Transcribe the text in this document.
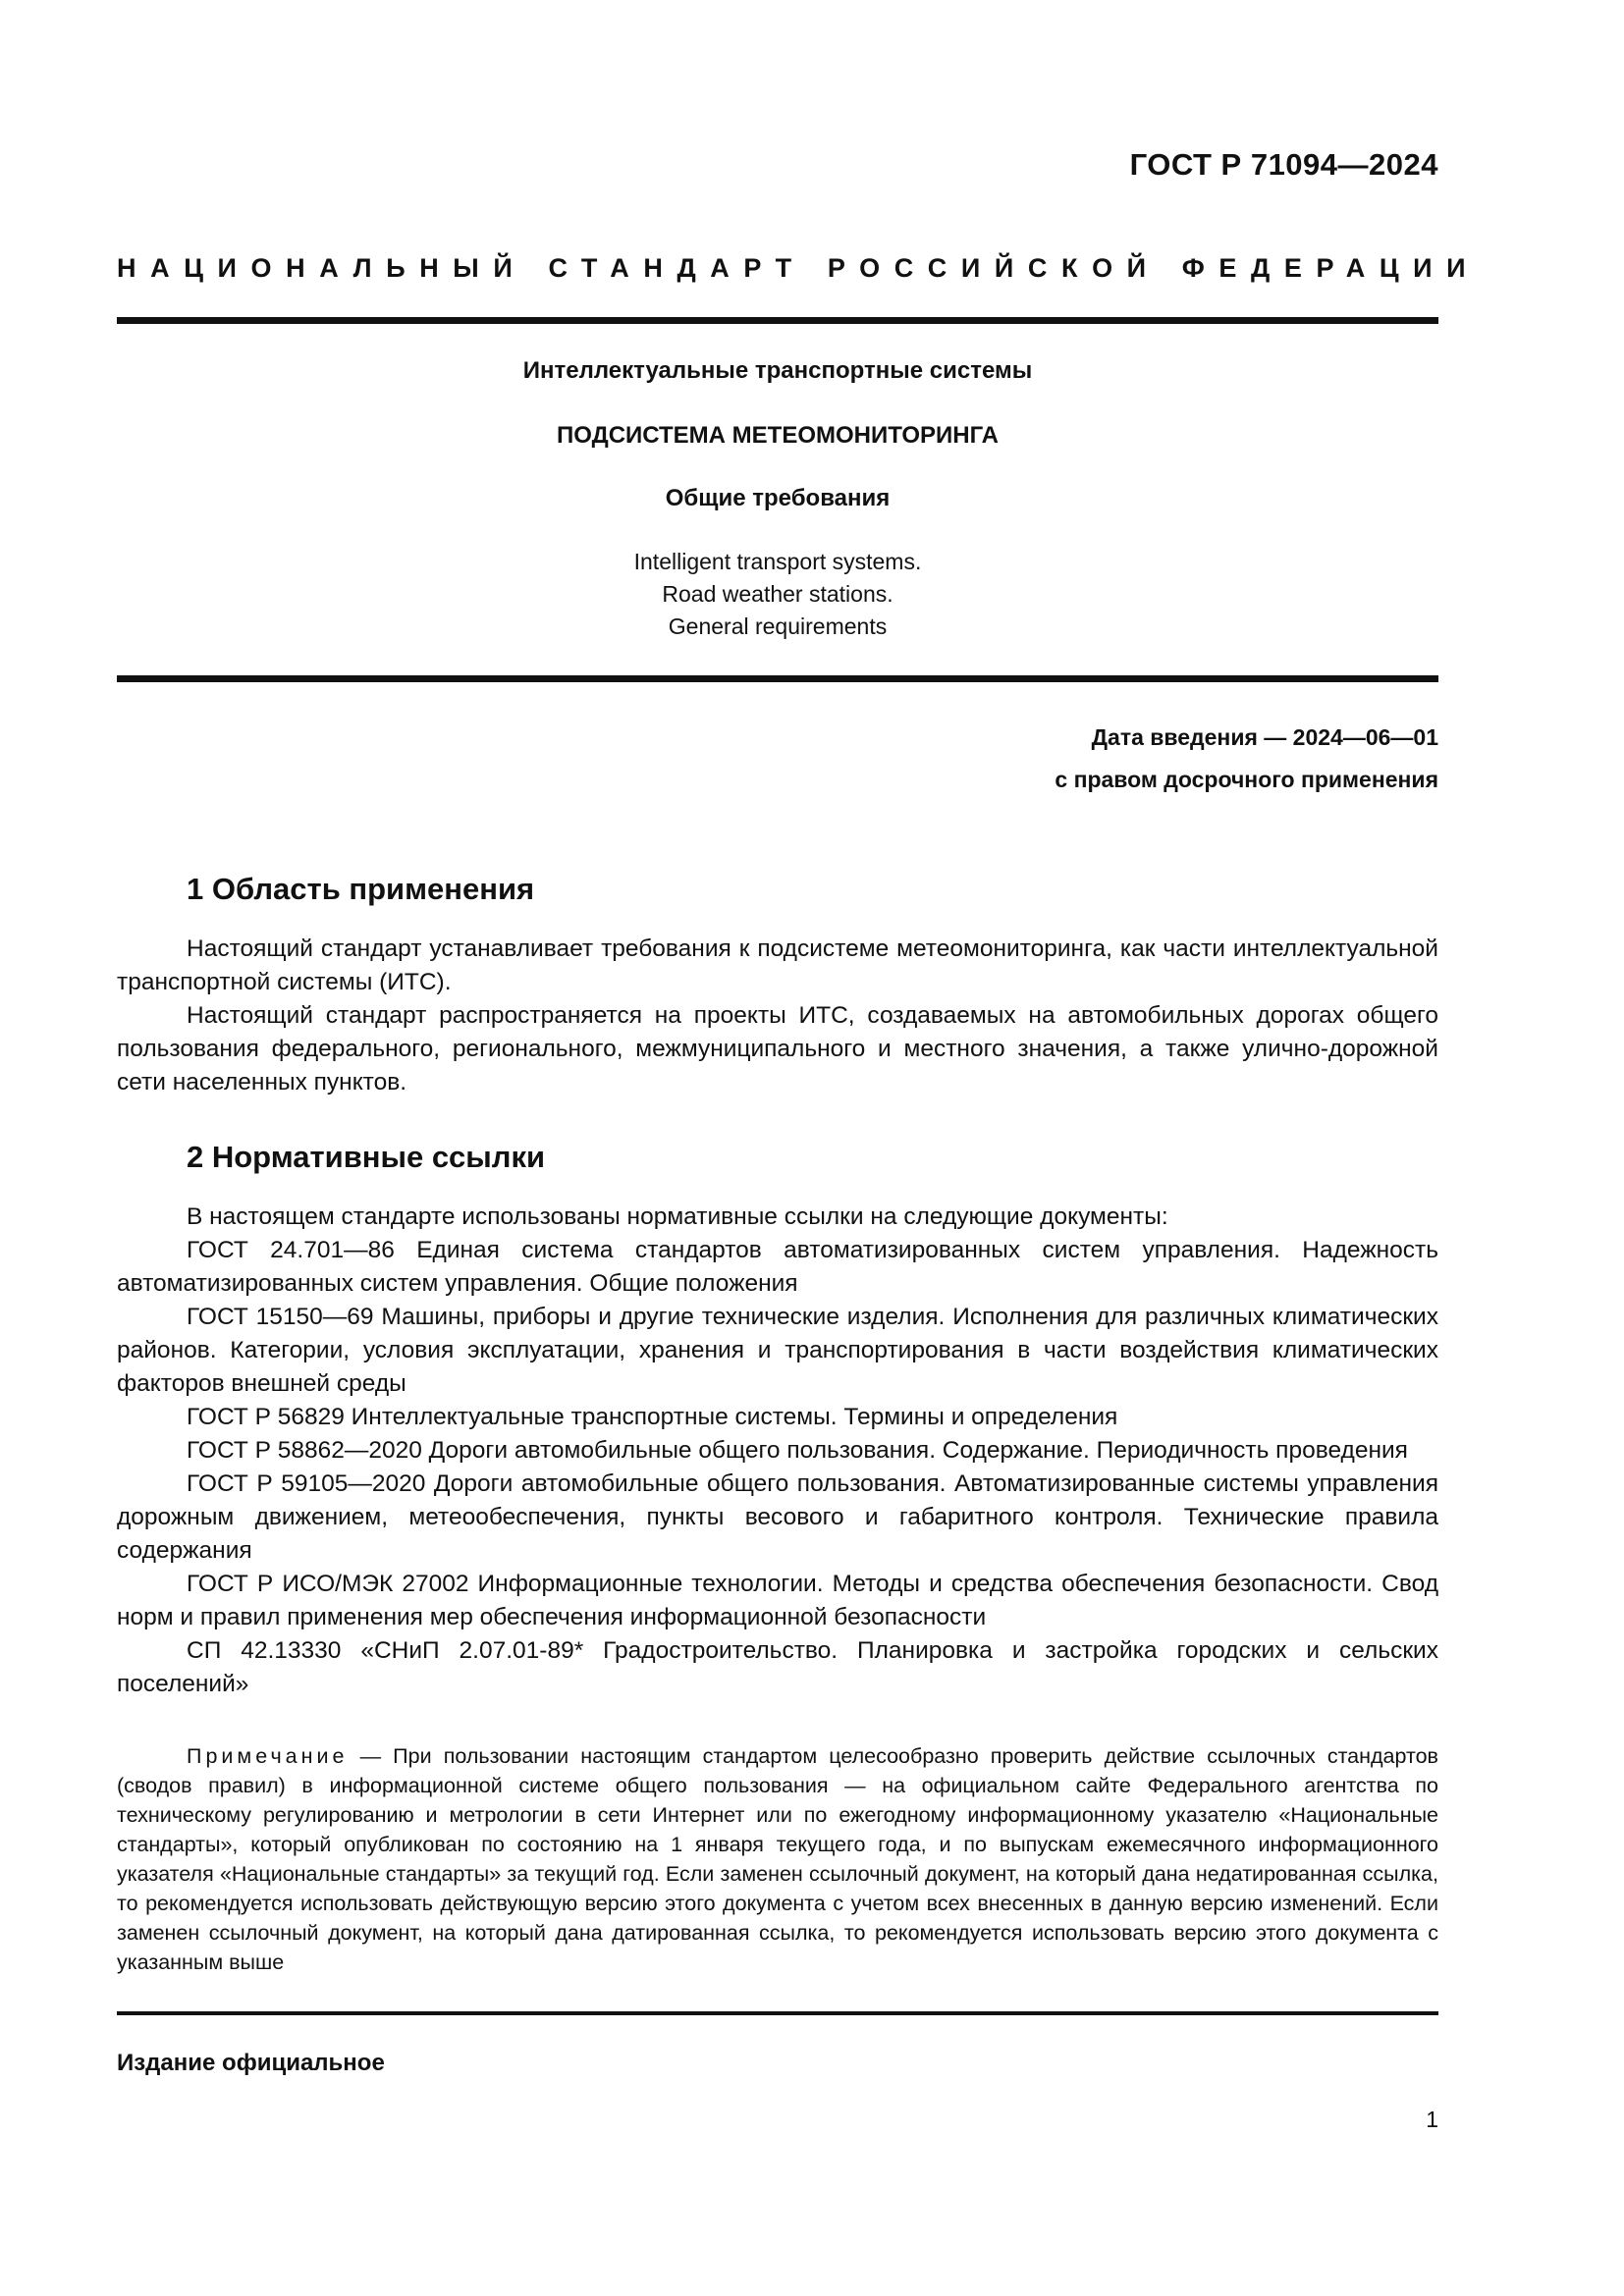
ГОСТ Р 71094—2024
НАЦИОНАЛЬНЫЙ СТАНДАРТ РОССИЙСКОЙ ФЕДЕРАЦИИ
Интеллектуальные транспортные системы
ПОДСИСТЕМА МЕТЕОМОНИТОРИНГА
Общие требования
Intelligent transport systems.
Road weather stations.
General requirements
Дата введения — 2024—06—01
с правом досрочного применения
1 Область применения

Настоящий стандарт устанавливает требования к подсистеме метеомониторинга, как части интеллектуальной транспортной системы (ИТС).

Настоящий стандарт распространяется на проекты ИТС, создаваемых на автомобильных дорогах общего пользования федерального, регионального, межмуниципального и местного значения, а также улично-дорожной сети населенных пунктов.

2 Нормативные ссылки

В настоящем стандарте использованы нормативные ссылки на следующие документы:

ГОСТ 24.701—86 Единая система стандартов автоматизированных систем управления. Надежность автоматизированных систем управления. Общие положения

ГОСТ 15150—69 Машины, приборы и другие технические изделия. Исполнения для различных климатических районов. Категории, условия эксплуатации, хранения и транспортирования в части воздействия климатических факторов внешней среды

ГОСТ Р 56829 Интеллектуальные транспортные системы. Термины и определения

ГОСТ Р 58862—2020 Дороги автомобильные общего пользования. Содержание. Периодичность проведения

ГОСТ Р 59105—2020 Дороги автомобильные общего пользования. Автоматизированные системы управления дорожным движением, метеообеспечения, пункты весового и габаритного контроля. Технические правила содержания

ГОСТ Р ИСО/МЭК 27002 Информационные технологии. Методы и средства обеспечения безопасности. Свод норм и правил применения мер обеспечения информационной безопасности

СП 42.13330 «СНиП 2.07.01-89* Градостроительство. Планировка и застройка городских и сельских поселений»

Примечание — При пользовании настоящим стандартом целесообразно проверить действие ссылочных стандартов (сводов правил) в информационной системе общего пользования — на официальном сайте Федерального агентства по техническому регулированию и метрологии в сети Интернет или по ежегодному информационному указателю «Национальные стандарты», который опубликован по состоянию на 1 января текущего года, и по выпускам ежемесячного информационного указателя «Национальные стандарты» за текущий год. Если заменен ссылочный документ, на который дана недатированная ссылка, то рекомендуется использовать действующую версию этого документа с учетом всех внесенных в данную версию изменений. Если заменен ссылочный документ, на который дана датированная ссылка, то рекомендуется использовать версию этого документа с указанным выше
Издание официальное
1
